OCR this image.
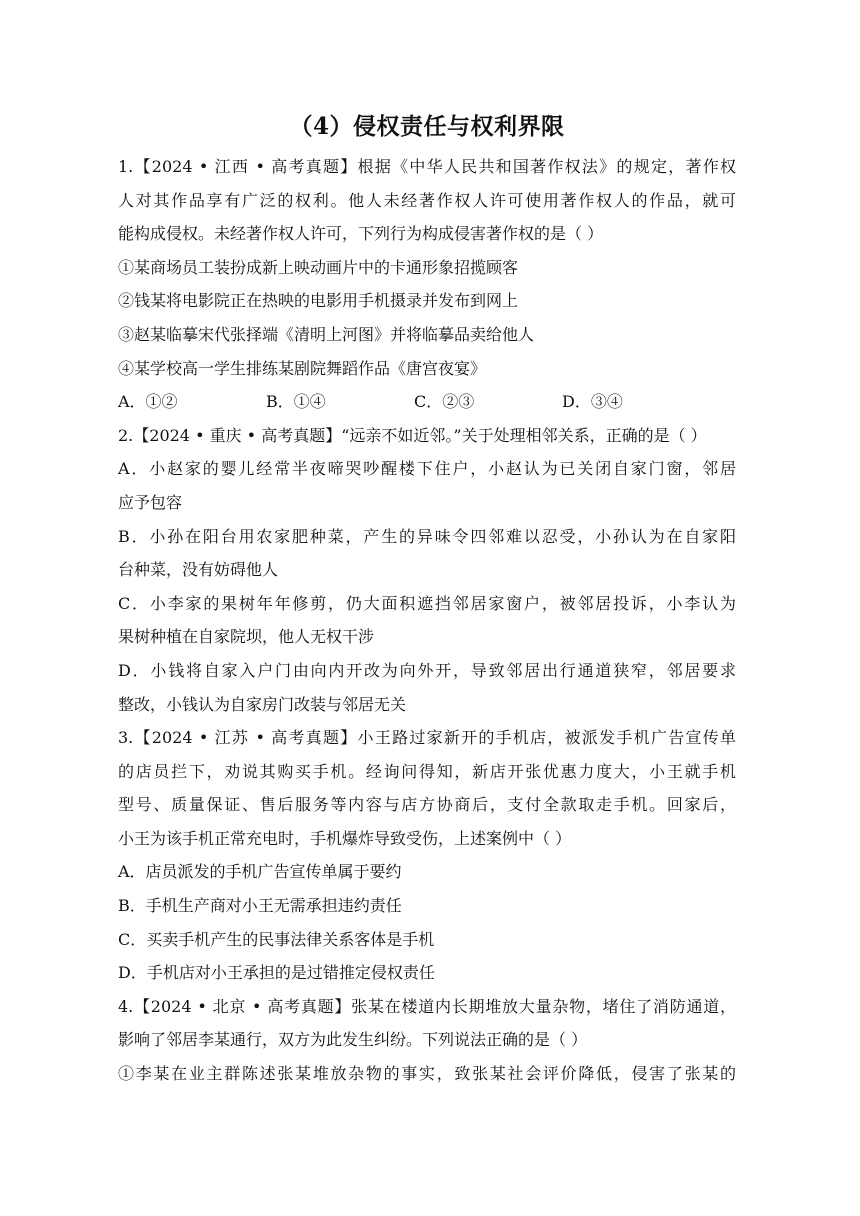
（4）侵权责任与权利界限

1.【2024 • 江西 • 高考真题】根据《中华人民共和国著作权法》的规定，著作权

人对其作品享有广泛的权利。他人未经著作权人许可使用著作权人的作品，就可

能构成侵权。未经著作权人许可，下列行为构成侵害著作权的是（ ）

①某商场员工装扮成新上映动画片中的卡通形象招揽顾客

②钱某将电影院正在热映的电影用手机摄录并发布到网上

③赵某临摹宋代张择端《清明上河图》并将临摹品卖给他人

④某学校高一学生排练某剧院舞蹈作品《唐宫夜宴》

A．①②	B．①④	C．②③	D．③④

2.【2024 • 重庆 • 高考真题】“远亲不如近邻。”关于处理相邻关系，正确的是（ ）

A．小赵家的婴儿经常半夜啼哭吵醒楼下住户，小赵认为已关闭自家门窗，邻居

应予包容

B．小孙在阳台用农家肥种菜，产生的异味令四邻难以忍受，小孙认为在自家阳

台种菜，没有妨碍他人

C．小李家的果树年年修剪，仍大面积遮挡邻居家窗户，被邻居投诉，小李认为

果树种植在自家院坝，他人无权干涉

D．小钱将自家入户门由向内开改为向外开，导致邻居出行通道狭窄，邻居要求

整改，小钱认为自家房门改装与邻居无关

3.【2024 • 江苏 • 高考真题】小王路过家新开的手机店，被派发手机广告宣传单

的店员拦下，劝说其购买手机。经询问得知，新店开张优惠力度大，小王就手机

型号、质量保证、售后服务等内容与店方协商后，支付全款取走手机。回家后，

小王为该手机正常充电时，手机爆炸导致受伤，上述案例中（ ）

A．店员派发的手机广告宣传单属于要约

B．手机生产商对小王无需承担违约责任

C．买卖手机产生的民事法律关系客体是手机

D．手机店对小王承担的是过错推定侵权责任

4.【2024 • 北京 • 高考真题】张某在楼道内长期堆放大量杂物，堵住了消防通道，

影响了邻居李某通行，双方为此发生纠纷。下列说法正确的是（ ）

①李某在业主群陈述张某堆放杂物的事实，致张某社会评价降低，侵害了张某的
